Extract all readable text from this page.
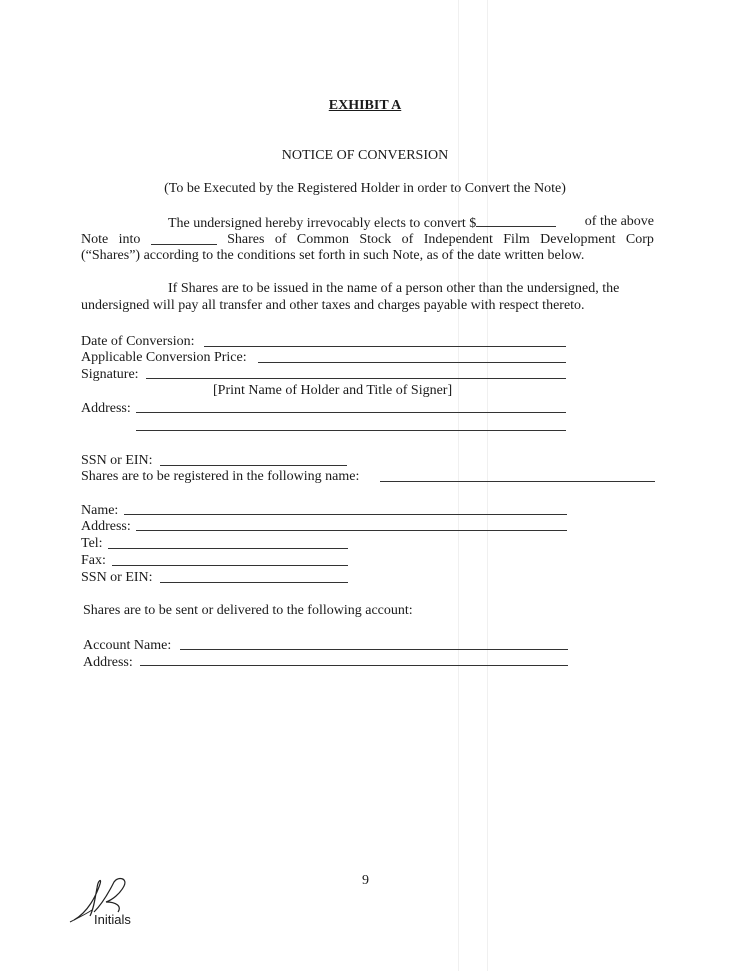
EXHIBIT A
NOTICE OF CONVERSION
(To be Executed by the Registered Holder in order to Convert the Note)
The undersigned hereby irrevocably elects to convert $	of the above
Note into	Shares of Common Stock of Independent Film Development Corp
(“Shares”) according to the conditions set forth in such Note, as of the date written below.
If Shares are to be issued in the name of a person other than the undersigned, the
undersigned will pay all transfer and other taxes and charges payable with respect thereto.
Date of Conversion:
Applicable Conversion Price:
Signature:
[Print Name of Holder and Title of Signer]
Address:
SSN or EIN:
Shares are to be registered in the following name:
Name:
Address:
Tel:
Fax:
SSN or EIN:
Shares are to be sent or delivered to the following account:
Account Name:
Address:
9
Initials
